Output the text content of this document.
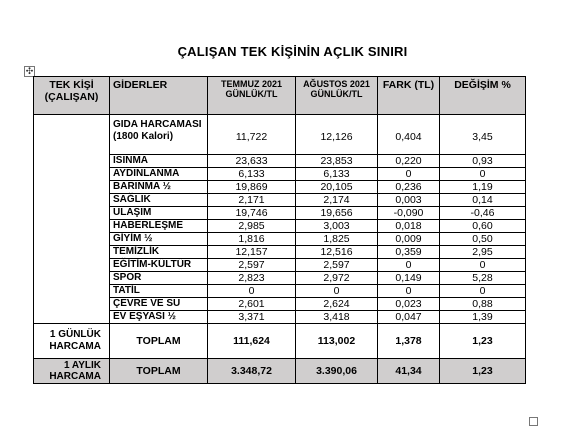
ÇALIŞAN TEK KİŞİNİN AÇLIK SINIRI
✣
TEK KİŞİ (ÇALIŞAN)	GİDERLER	TEMMUZ 2021 GÜNLÜK/TL	AĞUSTOS 2021 GÜNLÜK/TL	FARK (TL)	DEĞİŞİM %
	GIDA HARCAMASI (1800 Kalori)	11,722	12,126	0,404	3,45
	ISINMA	23,633	23,853	0,220	0,93
	AYDINLANMA	6,133	6,133	0	0
	BARINMA ½	19,869	20,105	0,236	1,19
	SAĞLIK	2,171	2,174	0,003	0,14
	ULAŞIM	19,746	19,656	-0,090	-0,46
	HABERLEŞME	2,985	3,003	0,018	0,60
	GİYİM ½	1,816	1,825	0,009	0,50
	TEMİZLİK	12,157	12,516	0,359	2,95
	EĞİTİM-KÜLTÜR	2,597	2,597	0	0
	SPOR	2,823	2,972	0,149	5,28
	TATİL	0	0	0	0
	ÇEVRE VE SU	2,601	2,624	0,023	0,88
	EV EŞYASI ½	3,371	3,418	0,047	1,39
1 GÜNLÜK HARCAMA	TOPLAM	111,624	113,002	1,378	1,23
1 AYLIK HARCAMA	TOPLAM	3.348,72	3.390,06	41,34	1,23
